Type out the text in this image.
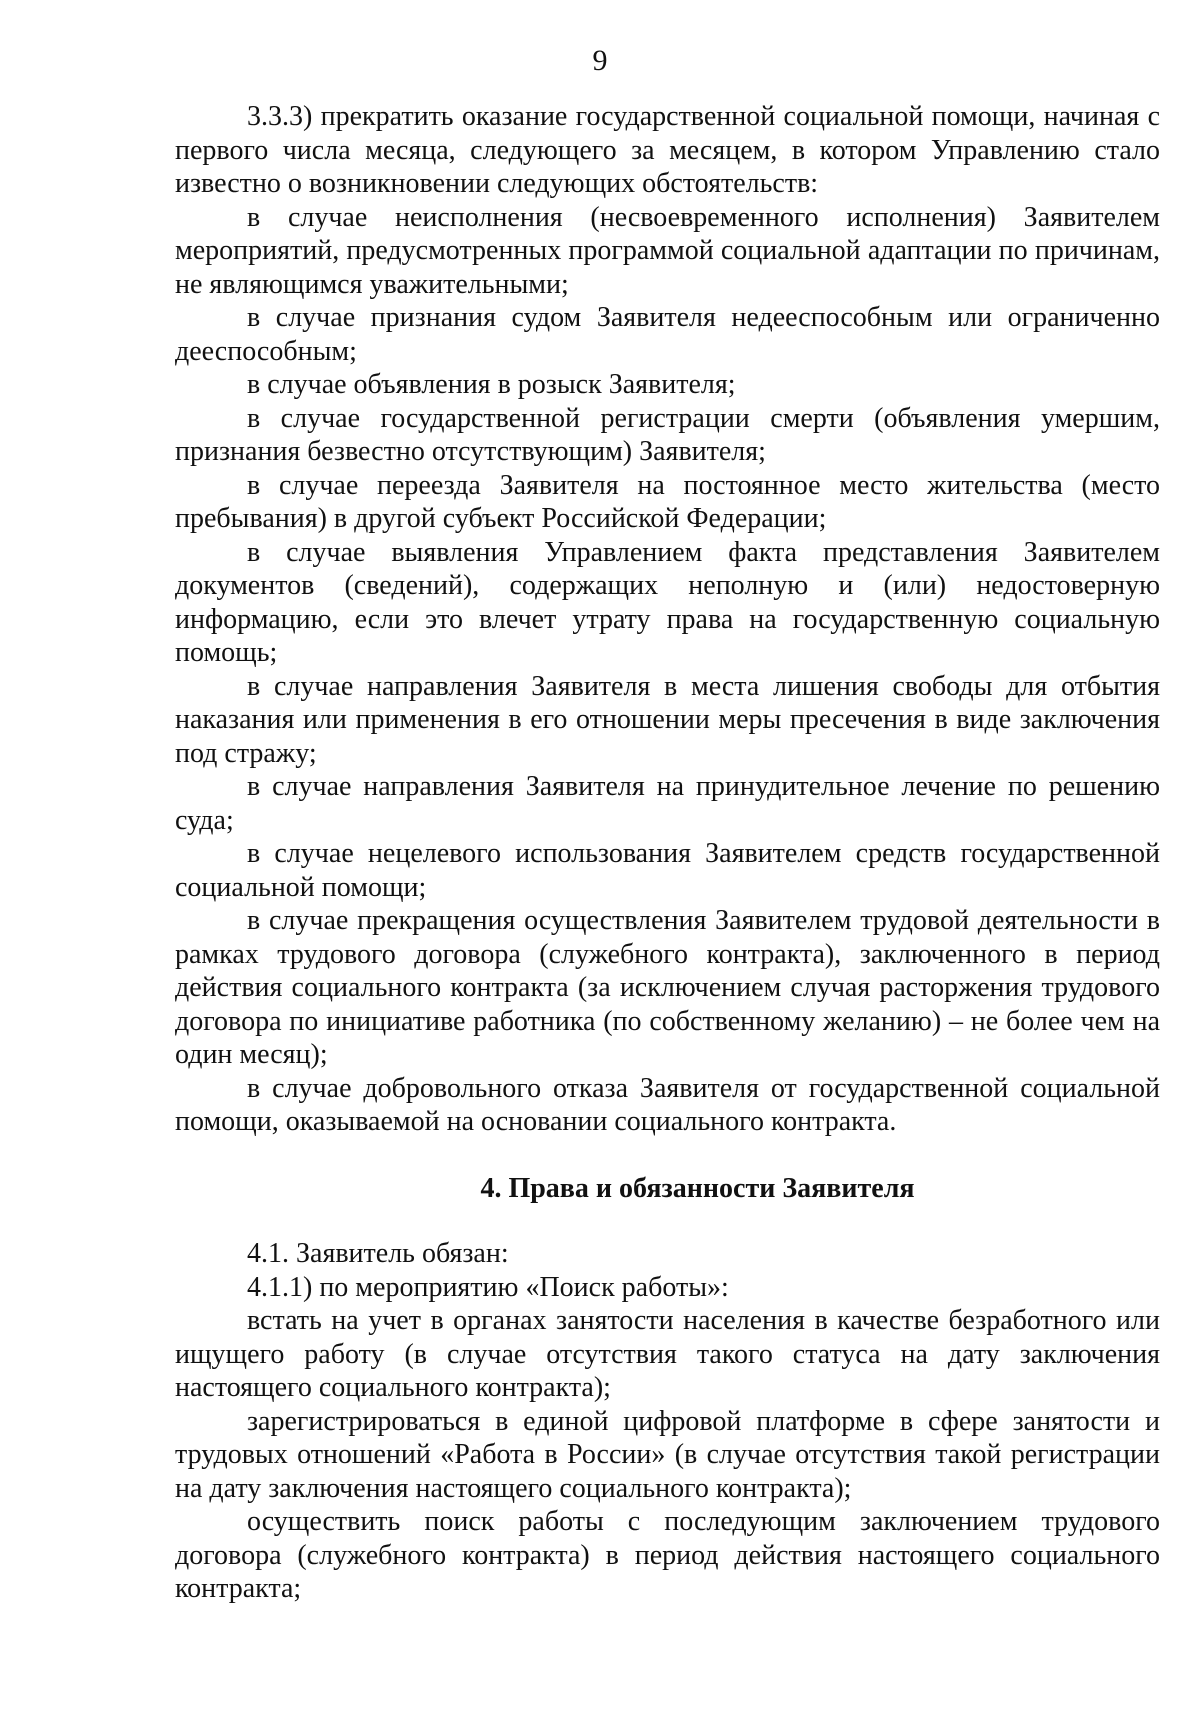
9

3.3.3) прекратить оказание государственной социальной помощи, начиная с первого числа месяца, следующего за месяцем, в котором Управлению стало известно о возникновении следующих обстоятельств:

в случае неисполнения (несвоевременного исполнения) Заявителем мероприятий, предусмотренных программой социальной адаптации по причинам, не являющимся уважительными;

в случае признания судом Заявителя недееспособным или ограниченно дееспособным;

в случае объявления в розыск Заявителя;

в случае государственной регистрации смерти (объявления умершим, признания безвестно отсутствующим) Заявителя;

в случае переезда Заявителя на постоянное место жительства (место пребывания) в другой субъект Российской Федерации;

в случае выявления Управлением факта представления Заявителем документов (сведений), содержащих неполную и (или) недостоверную информацию, если это влечет утрату права на государственную социальную помощь;

в случае направления Заявителя в места лишения свободы для отбытия наказания или применения в его отношении меры пресечения в виде заключения под стражу;

в случае направления Заявителя на принудительное лечение по решению суда;

в случае нецелевого использования Заявителем средств государственной социальной помощи;

в случае прекращения осуществления Заявителем трудовой деятельности в рамках трудового договора (служебного контракта), заключенного в период действия социального контракта (за исключением случая расторжения трудового договора по инициативе работника (по собственному желанию) – не более чем на один месяц);

в случае добровольного отказа Заявителя от государственной социальной помощи, оказываемой на основании социального контракта.

4. Права и обязанности Заявителя

4.1. Заявитель обязан:

4.1.1) по мероприятию «Поиск работы»:

встать на учет в органах занятости населения в качестве безработного или ищущего работу (в случае отсутствия такого статуса на дату заключения настоящего социального контракта);

зарегистрироваться в единой цифровой платформе в сфере занятости и трудовых отношений «Работа в России» (в случае отсутствия такой регистрации на дату заключения настоящего социального контракта);

осуществить поиск работы с последующим заключением трудового договора (служебного контракта) в период действия настоящего социального контракта;
